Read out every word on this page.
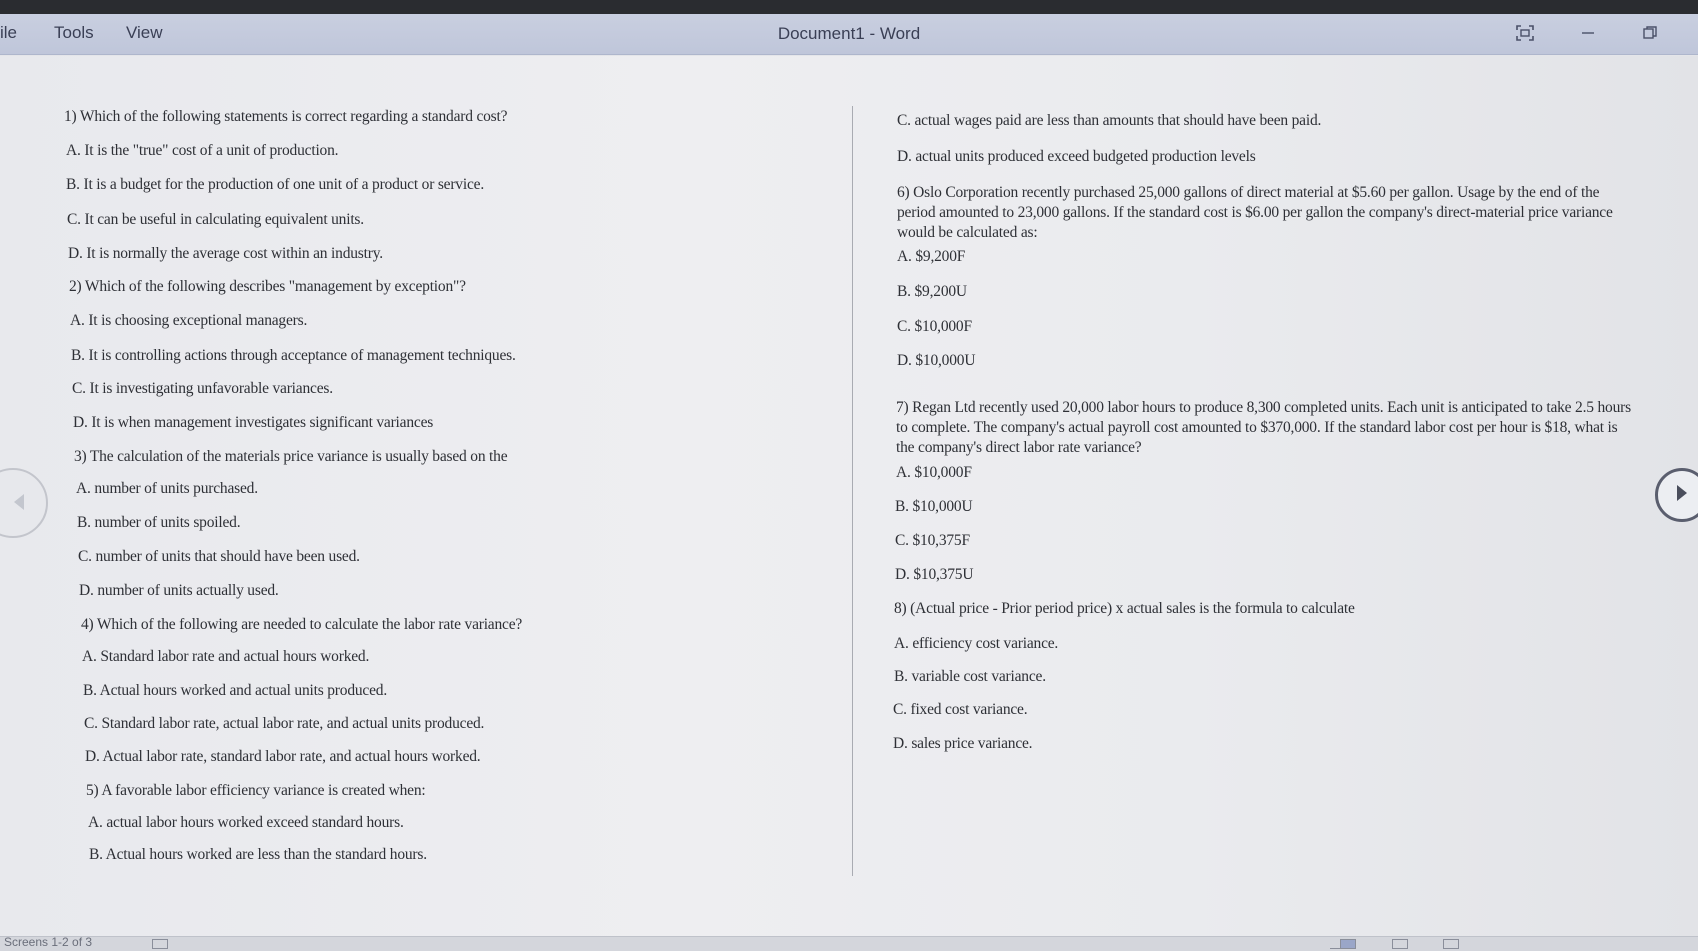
ile Tools View	Document1 - Word
1) Which of the following statements is correct regarding a standard cost?
A. It is the "true" cost of a unit of production.
B. It is a budget for the production of one unit of a product or service.
C. It can be useful in calculating equivalent units.
D. It is normally the average cost within an industry.
2) Which of the following describes "management by exception"?
A. It is choosing exceptional managers.
B. It is controlling actions through acceptance of management techniques.
C. It is investigating unfavorable variances.
D. It is when management investigates significant variances
3) The calculation of the materials price variance is usually based on the
A. number of units purchased.
B. number of units spoiled.
C. number of units that should have been used.
D. number of units actually used.
4) Which of the following are needed to calculate the labor rate variance?
A. Standard labor rate and actual hours worked.
B. Actual hours worked and actual units produced.
C. Standard labor rate, actual labor rate, and actual units produced.
D. Actual labor rate, standard labor rate, and actual hours worked.
5) A favorable labor efficiency variance is created when:
A. actual labor hours worked exceed standard hours.
B. Actual hours worked are less than the standard hours.
C. actual wages paid are less than amounts that should have been paid.
D. actual units produced exceed budgeted production levels
6) Oslo Corporation recently purchased 25,000 gallons of direct material at $5.60 per gallon. Usage by the end of the period amounted to 23,000 gallons. If the standard cost is $6.00 per gallon the company's direct-material price variance would be calculated as:
A. $9,200F
B. $9,200U
C. $10,000F
D. $10,000U
7) Regan Ltd recently used 20,000 labor hours to produce 8,300 completed units. Each unit is anticipated to take 2.5 hours to complete. The company's actual payroll cost amounted to $370,000. If the standard labor cost per hour is $18, what is the company's direct labor rate variance?
A. $10,000F
B. $10,000U
C. $10,375F
D. $10,375U
8) (Actual price - Prior period price) x actual sales is the formula to calculate
A. efficiency cost variance.
B. variable cost variance.
C. fixed cost variance.
D. sales price variance.
Screens 1-2 of 3
